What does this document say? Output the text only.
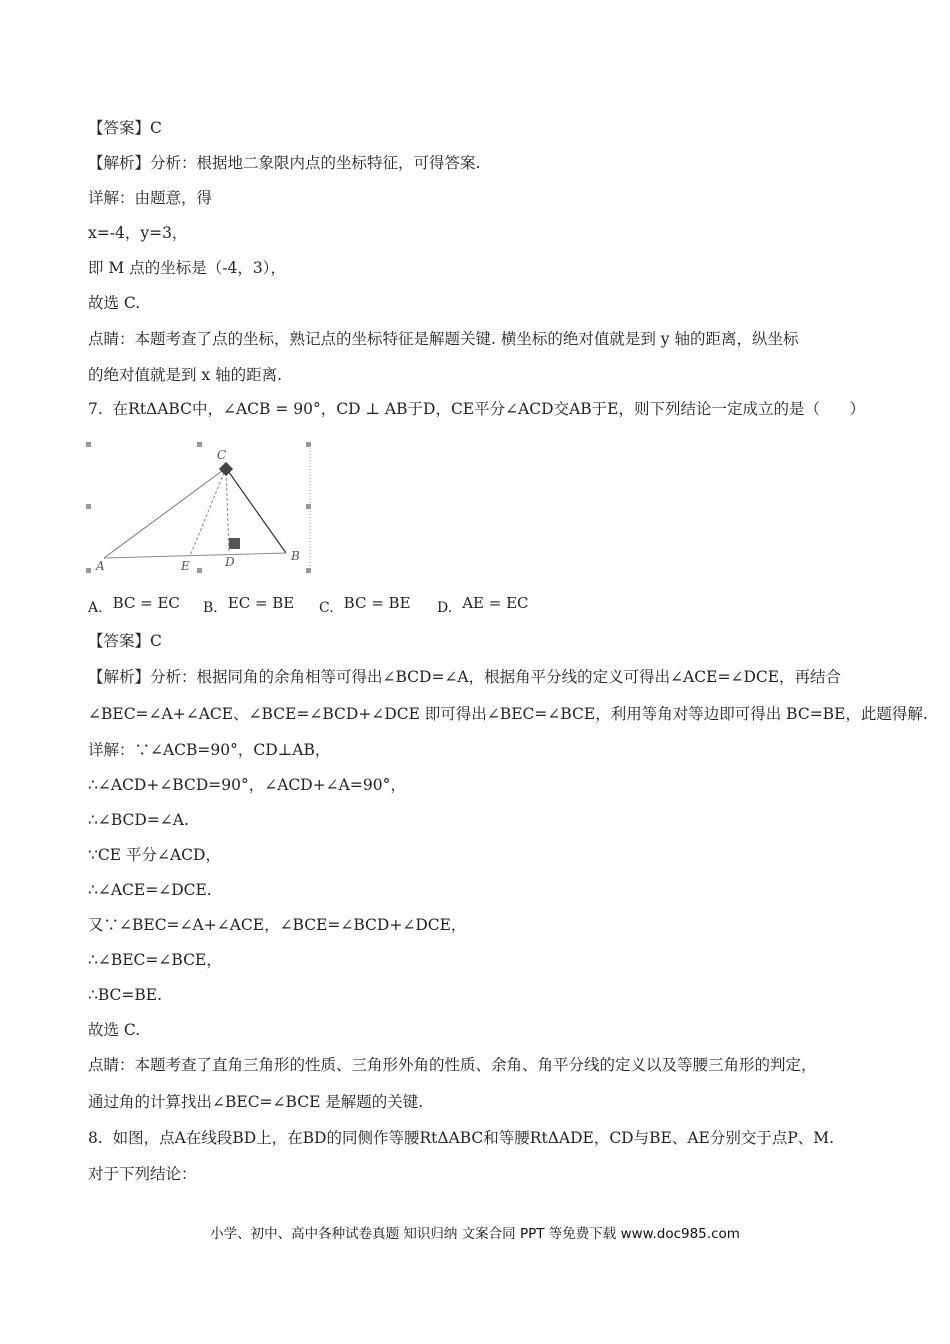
【答案】C
【解析】分析：根据地二象限内点的坐标特征，可得答案.
详解：由题意，得
x=-4，y=3，
即 M 点的坐标是（-4，3），
故选 C.
点睛：本题考查了点的坐标，熟记点的坐标特征是解题关键. 横坐标的绝对值就是到 y 轴的距离，纵坐标
的绝对值就是到 x 轴的距离.
7.  在RtΔABC中，∠ACB = 90°，CD ⊥ AB于D，CE平分∠ACD交AB于E，则下列结论一定成立的是（      ）
C
A	E	D	B
A. BC = EC B. EC = BE C. BC = BE D. AE = EC
【答案】C
【解析】分析：根据同角的余角相等可得出∠BCD=∠A，根据角平分线的定义可得出∠ACE=∠DCE，再结合
∠BEC=∠A+∠ACE、∠BCE=∠BCD+∠DCE 即可得出∠BEC=∠BCE，利用等角对等边即可得出 BC=BE，此题得解.
详解：∵∠ACB=90°，CD⊥AB，
∴∠ACD+∠BCD=90°，∠ACD+∠A=90°，
∴∠BCD=∠A.
∵CE 平分∠ACD，
∴∠ACE=∠DCE.
又∵∠BEC=∠A+∠ACE，∠BCE=∠BCD+∠DCE，
∴∠BEC=∠BCE，
∴BC=BE.
故选 C.
点睛：本题考查了直角三角形的性质、三角形外角的性质、余角、角平分线的定义以及等腰三角形的判定，
通过角的计算找出∠BEC=∠BCE 是解题的关键.
8.  如图，点A在线段BD上，在BD的同侧作等腰RtΔABC和等腰RtΔADE，CD与BE、AE分别交于点P、M.
对于下列结论：
小学、初中、高中各种试卷真题 知识归纳 文案合同 PPT 等免费下载 www.doc985.com
